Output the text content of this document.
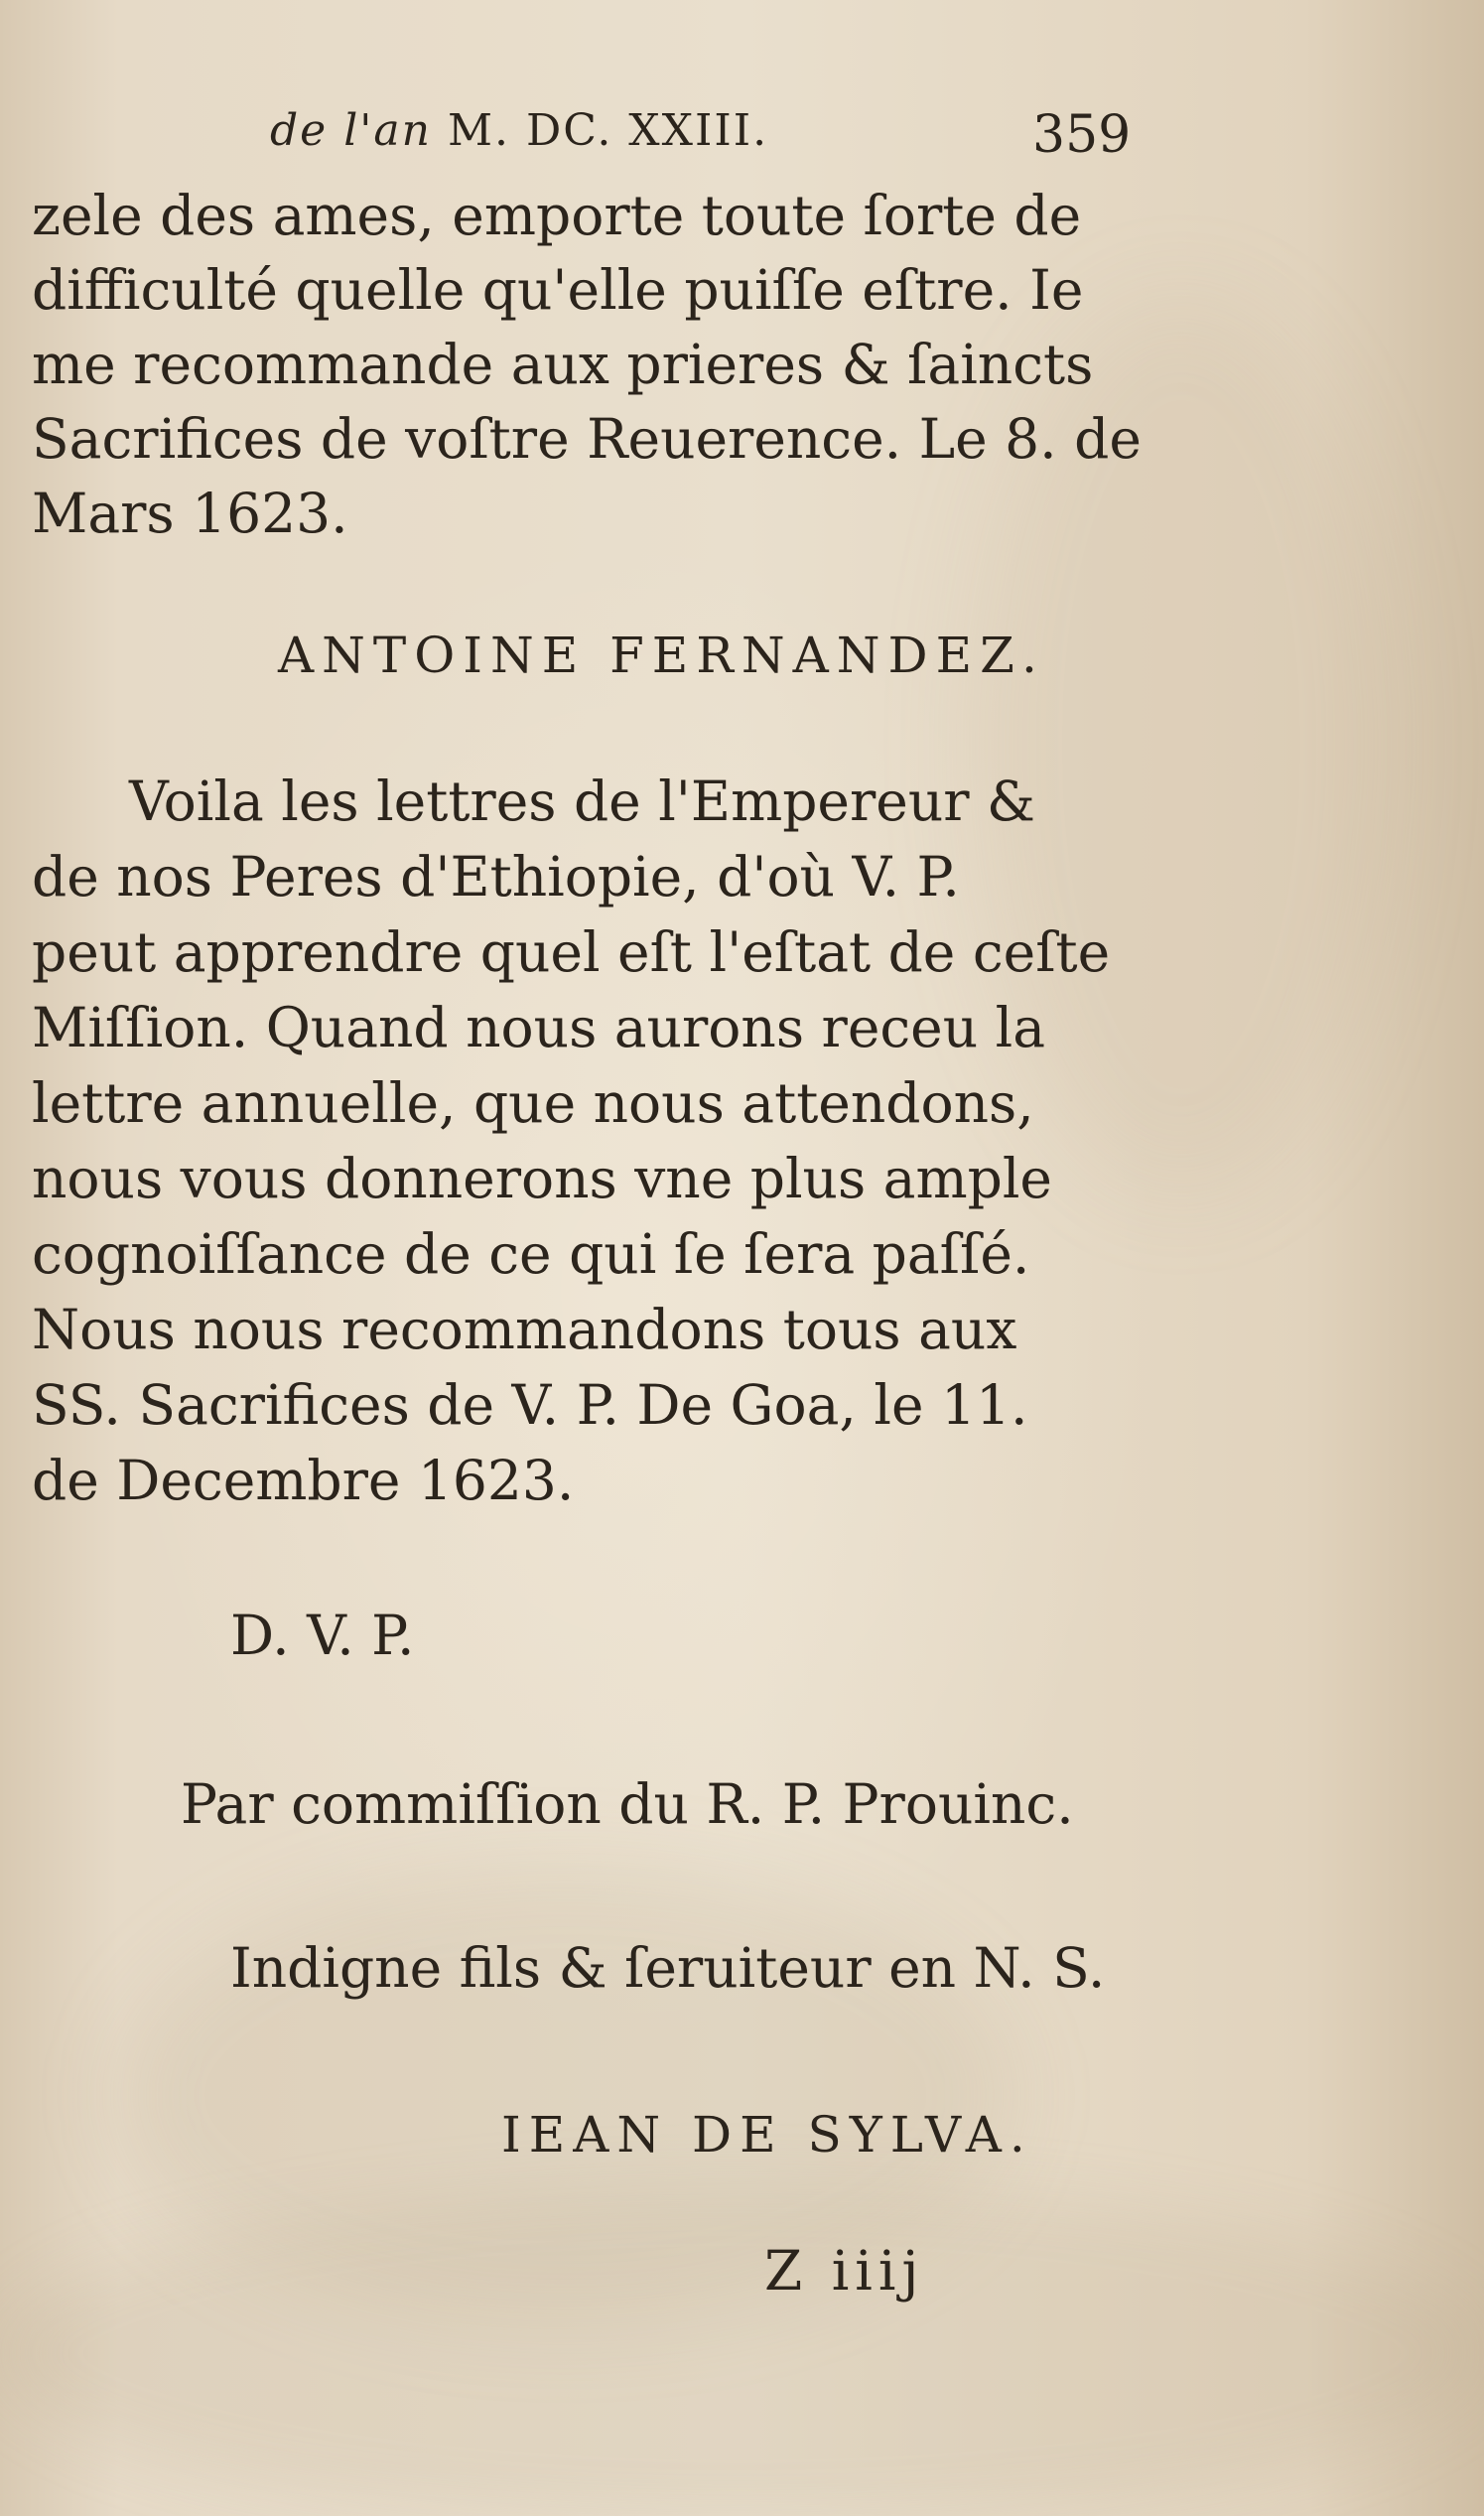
de l'an M. DC. XXIII.	359
zele des ames, emporte toute ſorte de
difficulté quelle qu'elle puiſſe eſtre. Ie
me recommande aux prieres & ſaincts
Sacrifices de voſtre Reuerence. Le 8. de
Mars 1623.
ANTOINE FERNANDEZ.
Voila les lettres de l'Empereur &
de nos Peres d'Ethiopie, d'où V. P.
peut apprendre quel eſt l'eſtat de ceſte
Miſſion. Quand nous aurons receu la
lettre annuelle, que nous attendons,
nous vous donnerons vne plus ample
cognoiſſance de ce qui ſe ſera paſſé.
Nous nous recommandons tous aux
SS. Sacrifices de V. P. De Goa, le 11.
de Decembre 1623.
D. V. P.
Par commiſſion du R. P. Prouinc.
Indigne fils & ſeruiteur en N. S.
IEAN DE SYLVA.
Z iiij
